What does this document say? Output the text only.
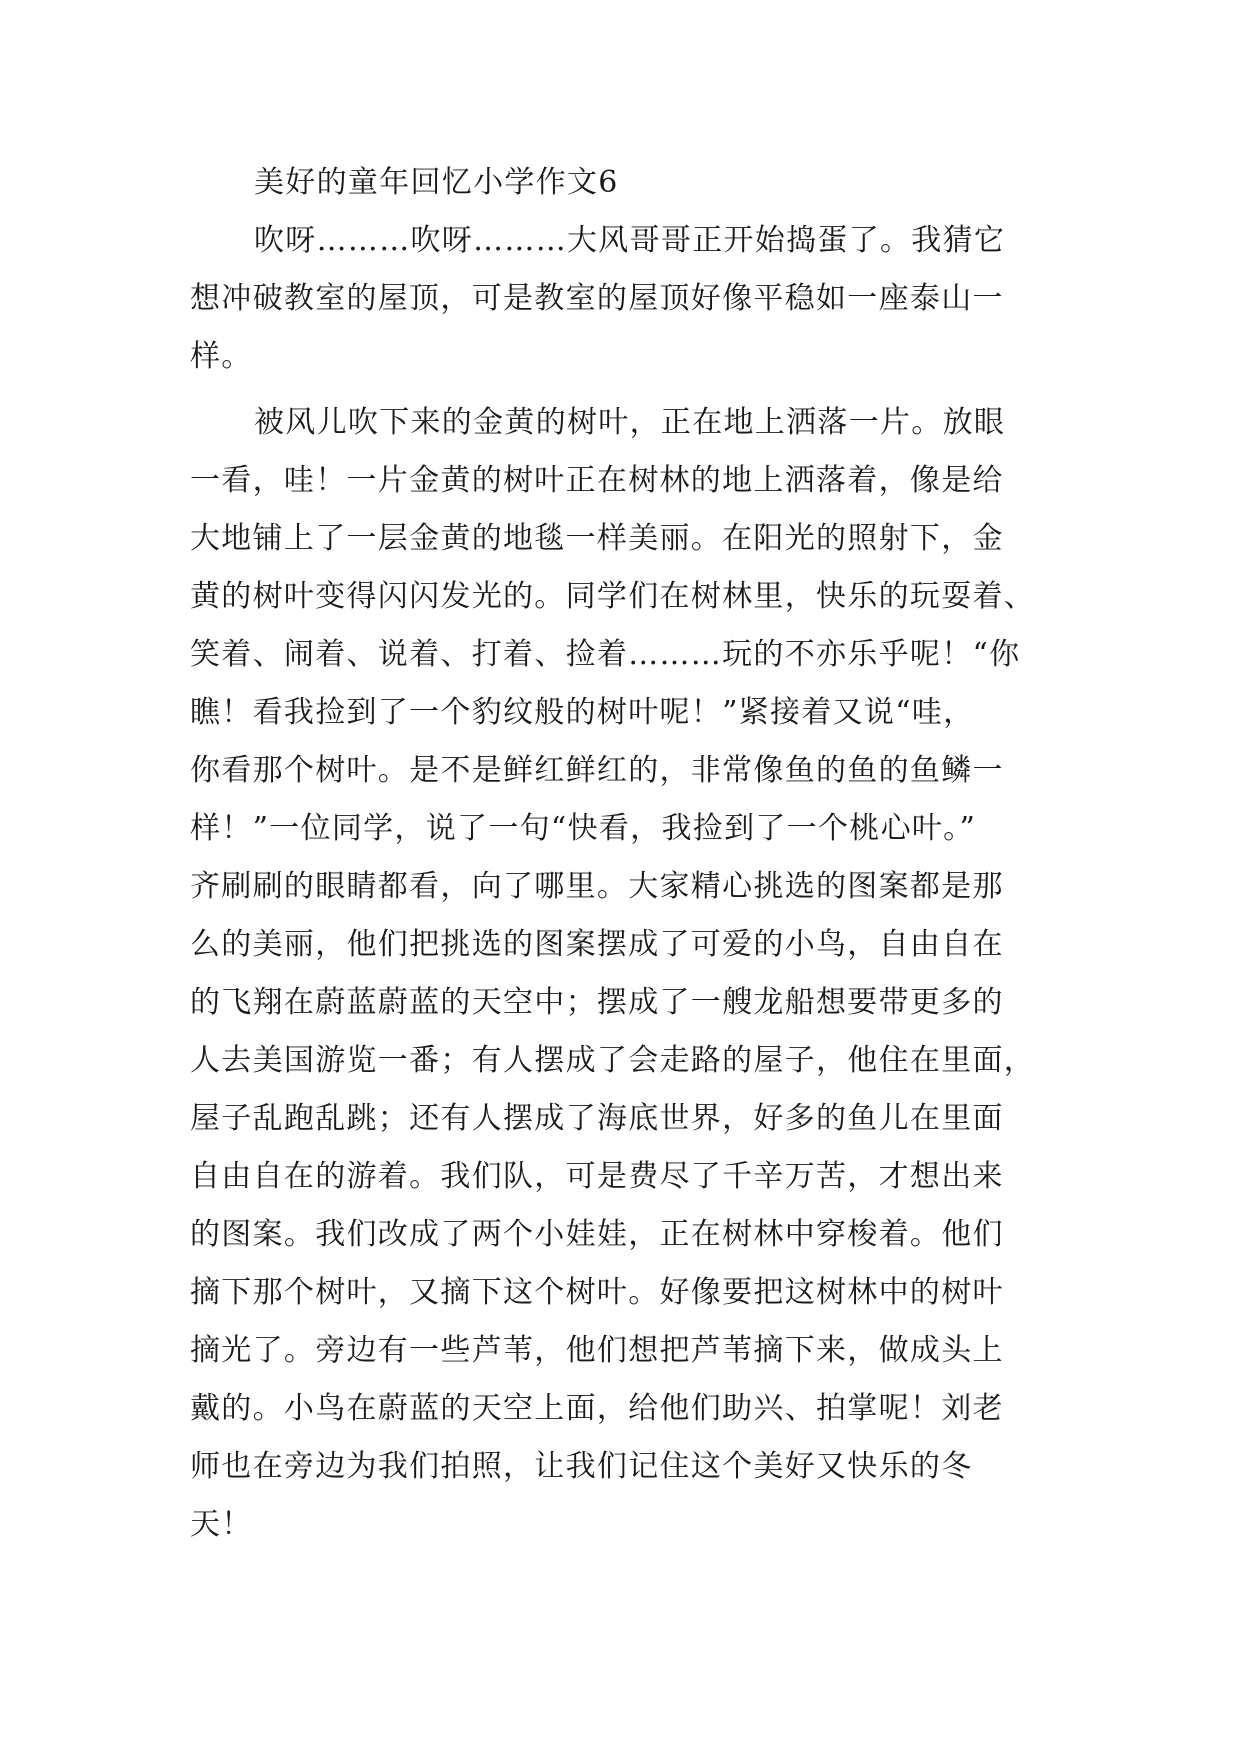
美好的童年回忆小学作文6
吹呀………吹呀………大风哥哥正开始捣蛋了。我猜它
想冲破教室的屋顶，可是教室的屋顶好像平稳如一座泰山一
样。
被风儿吹下来的金黄的树叶，正在地上洒落一片。放眼
一看，哇！一片金黄的树叶正在树林的地上洒落着，像是给
大地铺上了一层金黄的地毯一样美丽。在阳光的照射下，金
黄的树叶变得闪闪发光的。同学们在树林里，快乐的玩耍着、
笑着、闹着、说着、打着、捡着………玩的不亦乐乎呢！“你
瞧！看我捡到了一个豹纹般的树叶呢！”紧接着又说“哇，
你看那个树叶。是不是鲜红鲜红的，非常像鱼的鱼的鱼鳞一
样！”一位同学，说了一句“快看，我捡到了一个桃心叶。”
齐刷刷的眼睛都看，向了哪里。大家精心挑选的图案都是那
么的美丽，他们把挑选的图案摆成了可爱的小鸟，自由自在
的飞翔在蔚蓝蔚蓝的天空中；摆成了一艘龙船想要带更多的
人去美国游览一番；有人摆成了会走路的屋子，他住在里面，
屋子乱跑乱跳；还有人摆成了海底世界，好多的鱼儿在里面
自由自在的游着。我们队，可是费尽了千辛万苦，才想出来
的图案。我们改成了两个小娃娃，正在树林中穿梭着。他们
摘下那个树叶，又摘下这个树叶。好像要把这树林中的树叶
摘光了。旁边有一些芦苇，他们想把芦苇摘下来，做成头上
戴的。小鸟在蔚蓝的天空上面，给他们助兴、拍掌呢！刘老
师也在旁边为我们拍照，让我们记住这个美好又快乐的冬
天！
